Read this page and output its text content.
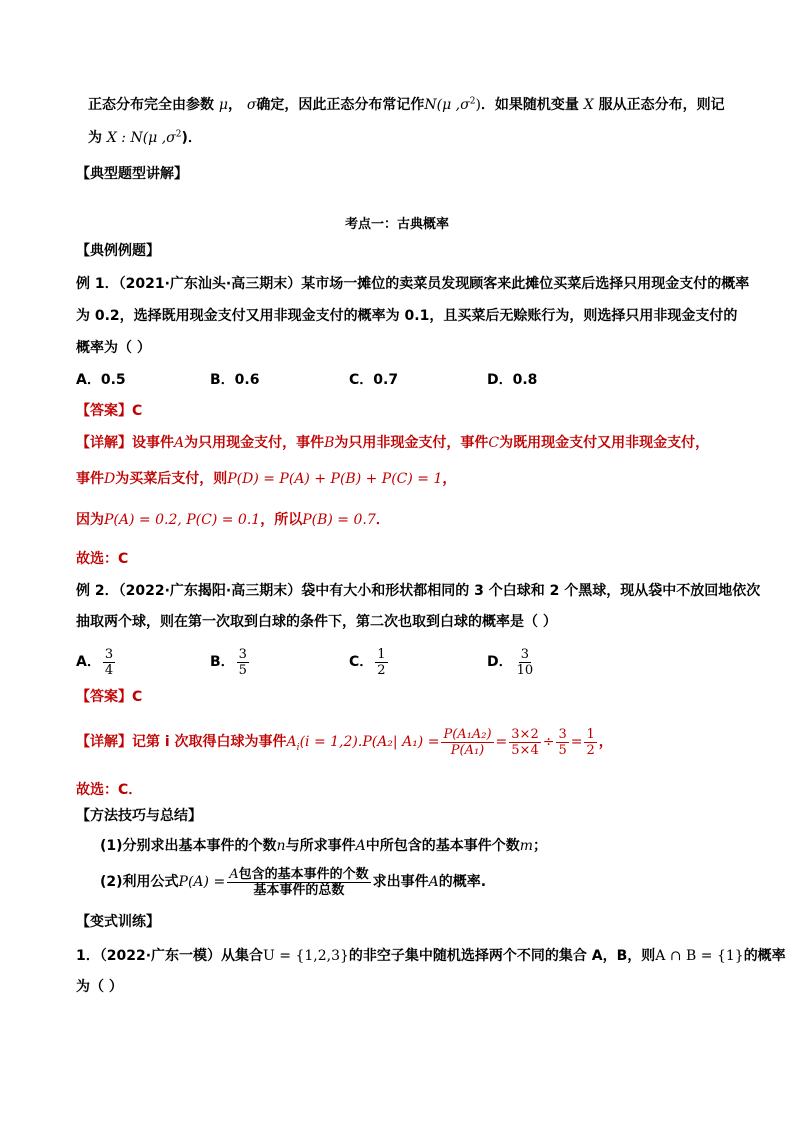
正态分布完全由参数 μ， σ确定，因此正态分布常记作N(μ $,\sigma^2$)．如果随机变量 X 服从正态分布，则记
为 X : N(μ $,\sigma^2$)．
【典型题型讲解】
考点一：古典概率
【典例例题】
例 1．（2021·广东汕头·高三期末）某市场一摊位的卖菜员发现顾客来此摊位买菜后选择只用现金支付的概率
为 0.2，选择既用现金支付又用非现金支付的概率为 0.1，且买菜后无赊账行为，则选择只用非现金支付的
概率为（ ）
A．0.5	B．0.6	C．0.7	D．0.8
【答案】C
【详解】设事件A为只用现金支付，事件B为只用非现金支付，事件C为既用现金支付又用非现金支付，
事件D为买菜后支付，则P(D) = P(A) + P(B) + P(C) = 1，
因为P(A) = 0.2, P(C) = 0.1，所以P(B) = 0.7．
故选：C
例 2．（2022·广东揭阳·高三期末）袋中有大小和形状都相同的 3 个白球和 2 个黑球，现从袋中不放回地依次
抽取两个球，则在第一次取到白球的条件下，第二次也取到白球的概率是（ ）
A． $\frac{3}{4}$	B． $\frac{3}{5}$	C． $\frac{1}{2}$	D． $\frac{3}{10}$
【答案】C
【详解】记第 i 次取得白球为事件$A_i(i = 1,2).P(A_2|$ $A_1) = \frac{\text{P(A₁A₂)}}{\text{P(A₁)}} = \frac{3\times 2}{5\times 4} \div \frac{3}{5} = \frac{1}{2}$ ，
故选：C．
【方法技巧与总结】
(1)分别求出基本事件的个数n与所求事件A中所包含的基本事件个数m；
(2)利用公式$P(A) = \frac{\text{A包含的基本事件的个数}}{\text{基本事件的总数}}$ 求出事件A的概率.
【变式训练】
1．（2022·广东一模）从集合U = {1,2,3}的非空子集中随机选择两个不同的集合 A，B，则A ∩ B = {1}的概率
为（ ）
